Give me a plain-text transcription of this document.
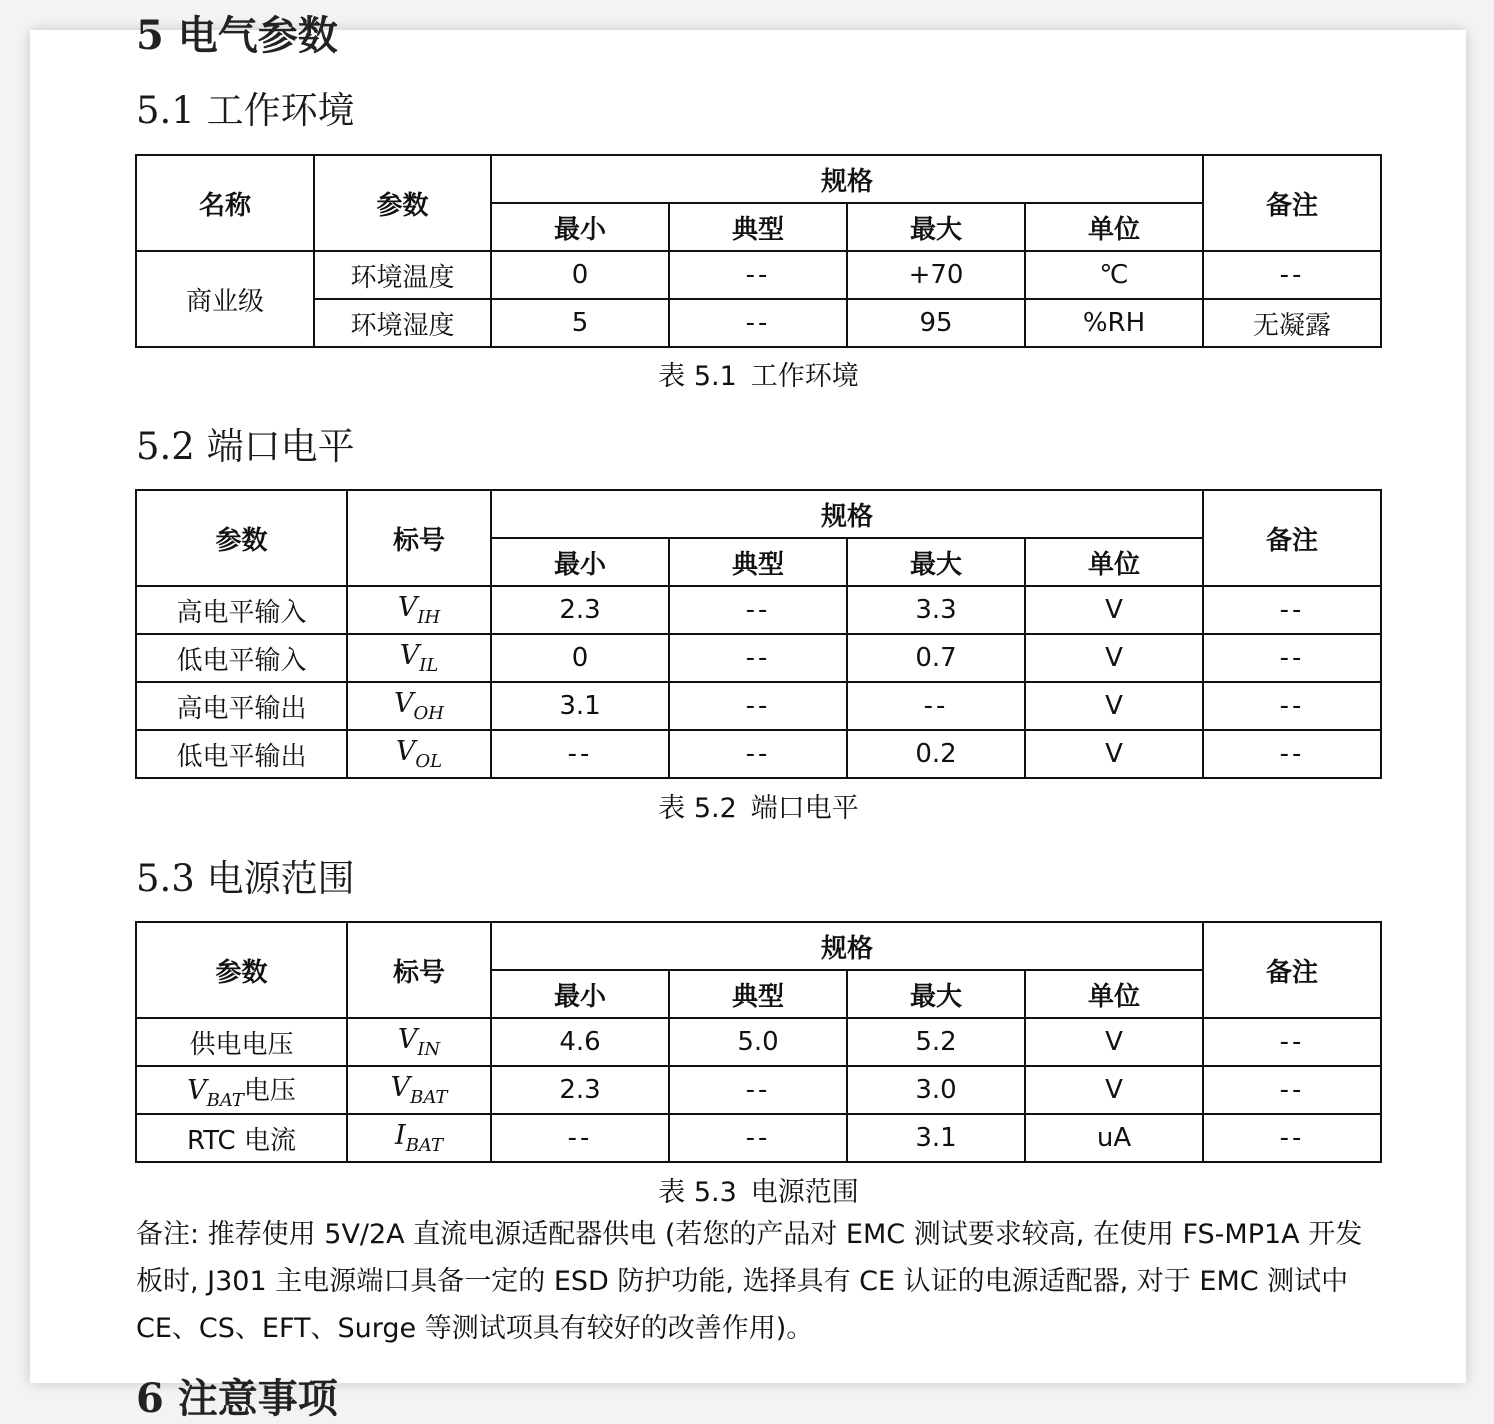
5 电气参数
5.1 工作环境
名称	参数	规格				备注
		最小	典型	最大	单位	
商业级	环境温度	0	--	+70	℃	--
	环境湿度	5	--	95	%RH	无凝露
表 5.1 工作环境
5.2 端口电平
参数	标号	规格				备注
		最小	典型	最大	单位	
高电平输入	$V_{IH}$	2.3	--	3.3	V	--
低电平输入	$V_{IL}$	0	--	0.7	V	--
高电平输出	$V_{OH}$	3.1	--	--	V	--
低电平输出	$V_{OL}$	--	--	0.2	V	--
表 5.2 端口电平
5.3 电源范围
参数	标号	规格				备注
		最小	典型	最大	单位	
供电电压	$V_{IN}$	4.6	5.0	5.2	V	--
$V_{BAT}$电压	$V_{BAT}$	2.3	--	3.0	V	--
RTC 电流	$I_{BAT}$	--	--	3.1	uA	--
表 5.3 电源范围

备注: 推荐使用 5V/2A 直流电源适配器供电 (若您的产品对 EMC 测试要求较高, 在使用 FS-MP1A 开发板时, J301 主电源端口具备一定的 ESD 防护功能, 选择具有 CE 认证的电源适配器, 对于 EMC 测试中 CE、CS、EFT、Surge 等测试项具有较好的改善作用)。

6 注意事项
